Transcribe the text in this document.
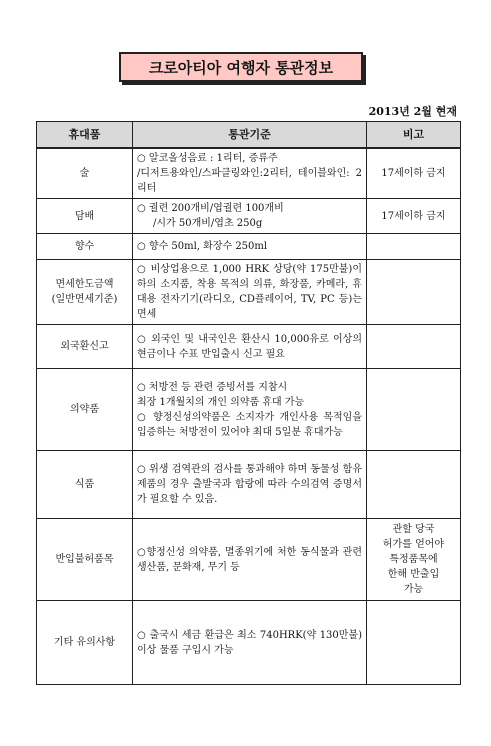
크로아티아 여행자 통관정보
2013년 2월 현재
휴대품	통관기준	비고

술	○ 알코올성음료 : 1리터, 증류주
/디저트용와인/스파클링와인:2리터, 테이블와인: 2리터	17세이하 금지

담배	○ 궐련 200개비/엽궐련 100개비
/시가 50개비/엽초 250g	17세이하 금지

향수	○ 향수 50ml, 화장수 250ml	

면세한도금액
(일반면세기준)	○ 비상업용으로 1,000 HRK 상당(약 175만불)이하의 소지품, 착용 목적의 의류, 화장품, 카메라, 휴대용 전자기기(라디오, CD플레이어, TV, PC 등)는 면세	

외국환신고	○ 외국인 및 내국인은 환산시 10,000유로 이상의 현금이나 수표 반입출시 신고 필요	

의약품	○ 처방전 등 관련 증빙서를 지참시
최장 1개월치의 개인 의약품 휴대 가능
○ 향정신성의약품은 소지자가 개인사용 목적임을 입증하는 처방전이 있어야 최대 5일분 휴대가능	

식품	○ 위생 검역관의 검사를 통과해야 하며 동물성 함유 제품의 경우 출발국과 합랑에 따라 수의검역 증명서가 필요할 수 있음.	

반입불허품목	○향정신성 의약품, 멸종위기에 처한 동식물과 관련 생산품, 문화재, 무기 등	관할 당국
허가를 얻어야
특정품목에
한해 반출입
가능

기타 유의사항	○ 출국시 세금 환급은 최소 740HRK(약 130만불) 이상 물품 구입시 가능	
